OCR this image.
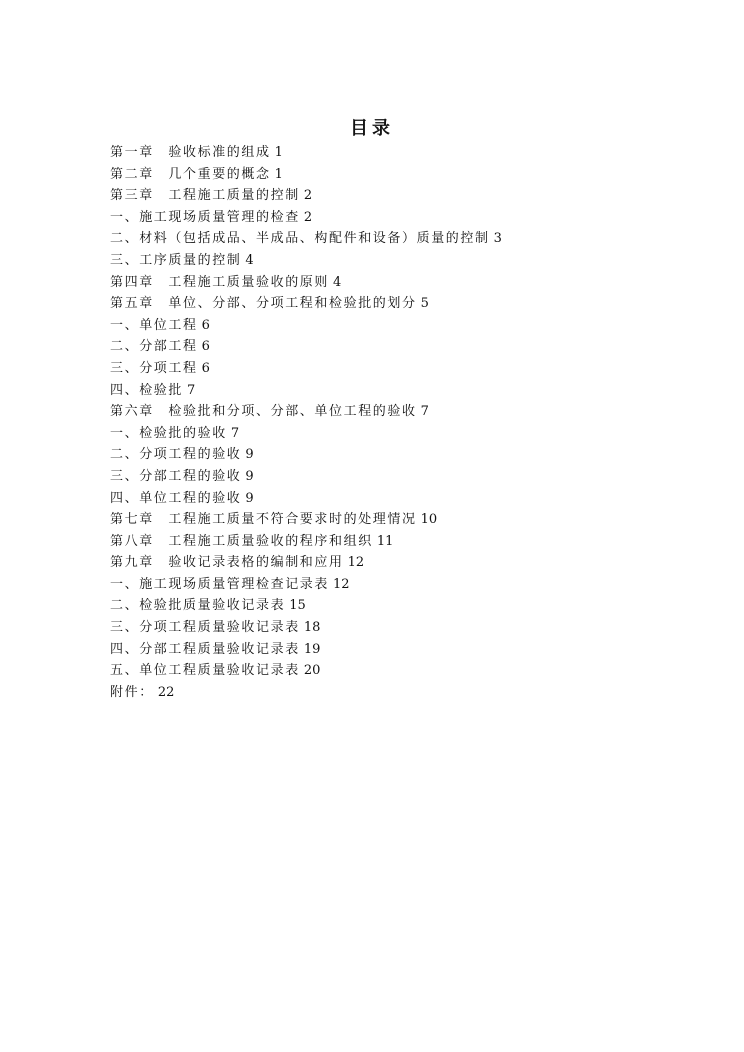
目录
第一章　验收标准的组成 1
第二章　几个重要的概念 1
第三章　工程施工质量的控制 2
一、施工现场质量管理的检查 2
二、材料（包括成品、半成品、构配件和设备）质量的控制 3
三、工序质量的控制 4
第四章　工程施工质量验收的原则 4
第五章　单位、分部、分项工程和检验批的划分 5
一、单位工程 6
二、分部工程 6
三、分项工程 6
四、检验批 7
第六章　检验批和分项、分部、单位工程的验收 7
一、检验批的验收 7
二、分项工程的验收 9
三、分部工程的验收 9
四、单位工程的验收 9
第七章　工程施工质量不符合要求时的处理情况 10
第八章　工程施工质量验收的程序和组织 11
第九章　验收记录表格的编制和应用 12
一、施工现场质量管理检查记录表 12
二、检验批质量验收记录表 15
三、分项工程质量验收记录表 18
四、分部工程质量验收记录表 19
五、单位工程质量验收记录表 20
附件： 22
